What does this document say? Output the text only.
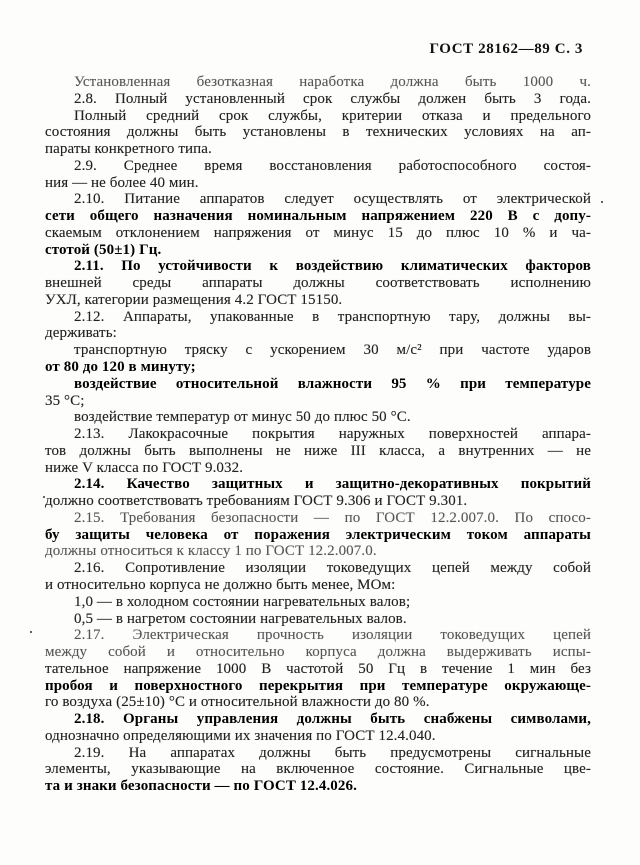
ГОСТ 28162—89 С. 3
Установленная безотказная наработка должна быть 1000 ч.
2.8. Полный установленный срок службы должен быть 3 года.
Полный средний срок службы, критерии отказа и предельного
состояния должны быть установлены в технических условиях на ап-
параты конкретного типа.
2.9. Среднее время восстановления работоспособного состоя-
ния — не более 40 мин.
2.10. Питание аппаратов следует осуществлять от электрической
сети общего назначения номинальным напряжением 220 В с допу-
скаемым отклонением напряжения от минус 15 до плюс 10 % и ча-
стотой (50±1) Гц.
2.11. По устойчивости к воздействию климатических факторов
внешней среды аппараты должны соответствовать исполнению
УХЛ, категории размещения 4.2 ГОСТ 15150.
2.12. Аппараты, упакованные в транспортную тару, должны вы-
держивать:
транспортную тряску с ускорением 30 м/с² при частоте ударов
от 80 до 120 в минуту;
воздействие относительной влажности 95 % при температуре
35 °С;
воздействие температур от минус 50 до плюс 50 °С.
2.13. Лакокрасочные покрытия наружных поверхностей аппара-
тов должны быть выполнены не ниже III класса, а внутренних — не
ниже V класса по ГОСТ 9.032.
2.14. Качество защитных и защитно-декоративных покрытий
должно соответствоватъ требованиям ГОСТ 9.306 и ГОСТ 9.301.
2.15. Требования безопасности — по ГОСТ 12.2.007.0. По спосо-
бу защиты человека от поражения электрическим током аппараты
должны относиться к классу 1 по ГОСТ 12.2.007.0.
2.16. Сопротивление изоляции токоведущих цепей между собой
и относительно корпуса не должно быть менее, МОм:
1,0 — в холодном состоянии нагревательных валов;
0,5 — в нагретом состоянии нагревательных валов.
2.17. Электрическая прочность изоляции токоведущих цепей
между собой и относительно корпуса должна выдерживать испы-
тательное напряжение 1000 В частотой 50 Гц в течение 1 мин без
пробоя и поверхностного перекрытия при температуре окружающе-
го воздуха (25±10) °С и относительной влажности до 80 %.
2.18. Органы управления должны быть снабжены символами,
однозначно определяющими их значения по ГОСТ 12.4.040.
2.19. На аппаратах должны быть предусмотрены сигнальные
элементы, указывающие на включенное состояние. Сигнальные цве-
та и знаки безопасности — по ГОСТ 12.4.026.
